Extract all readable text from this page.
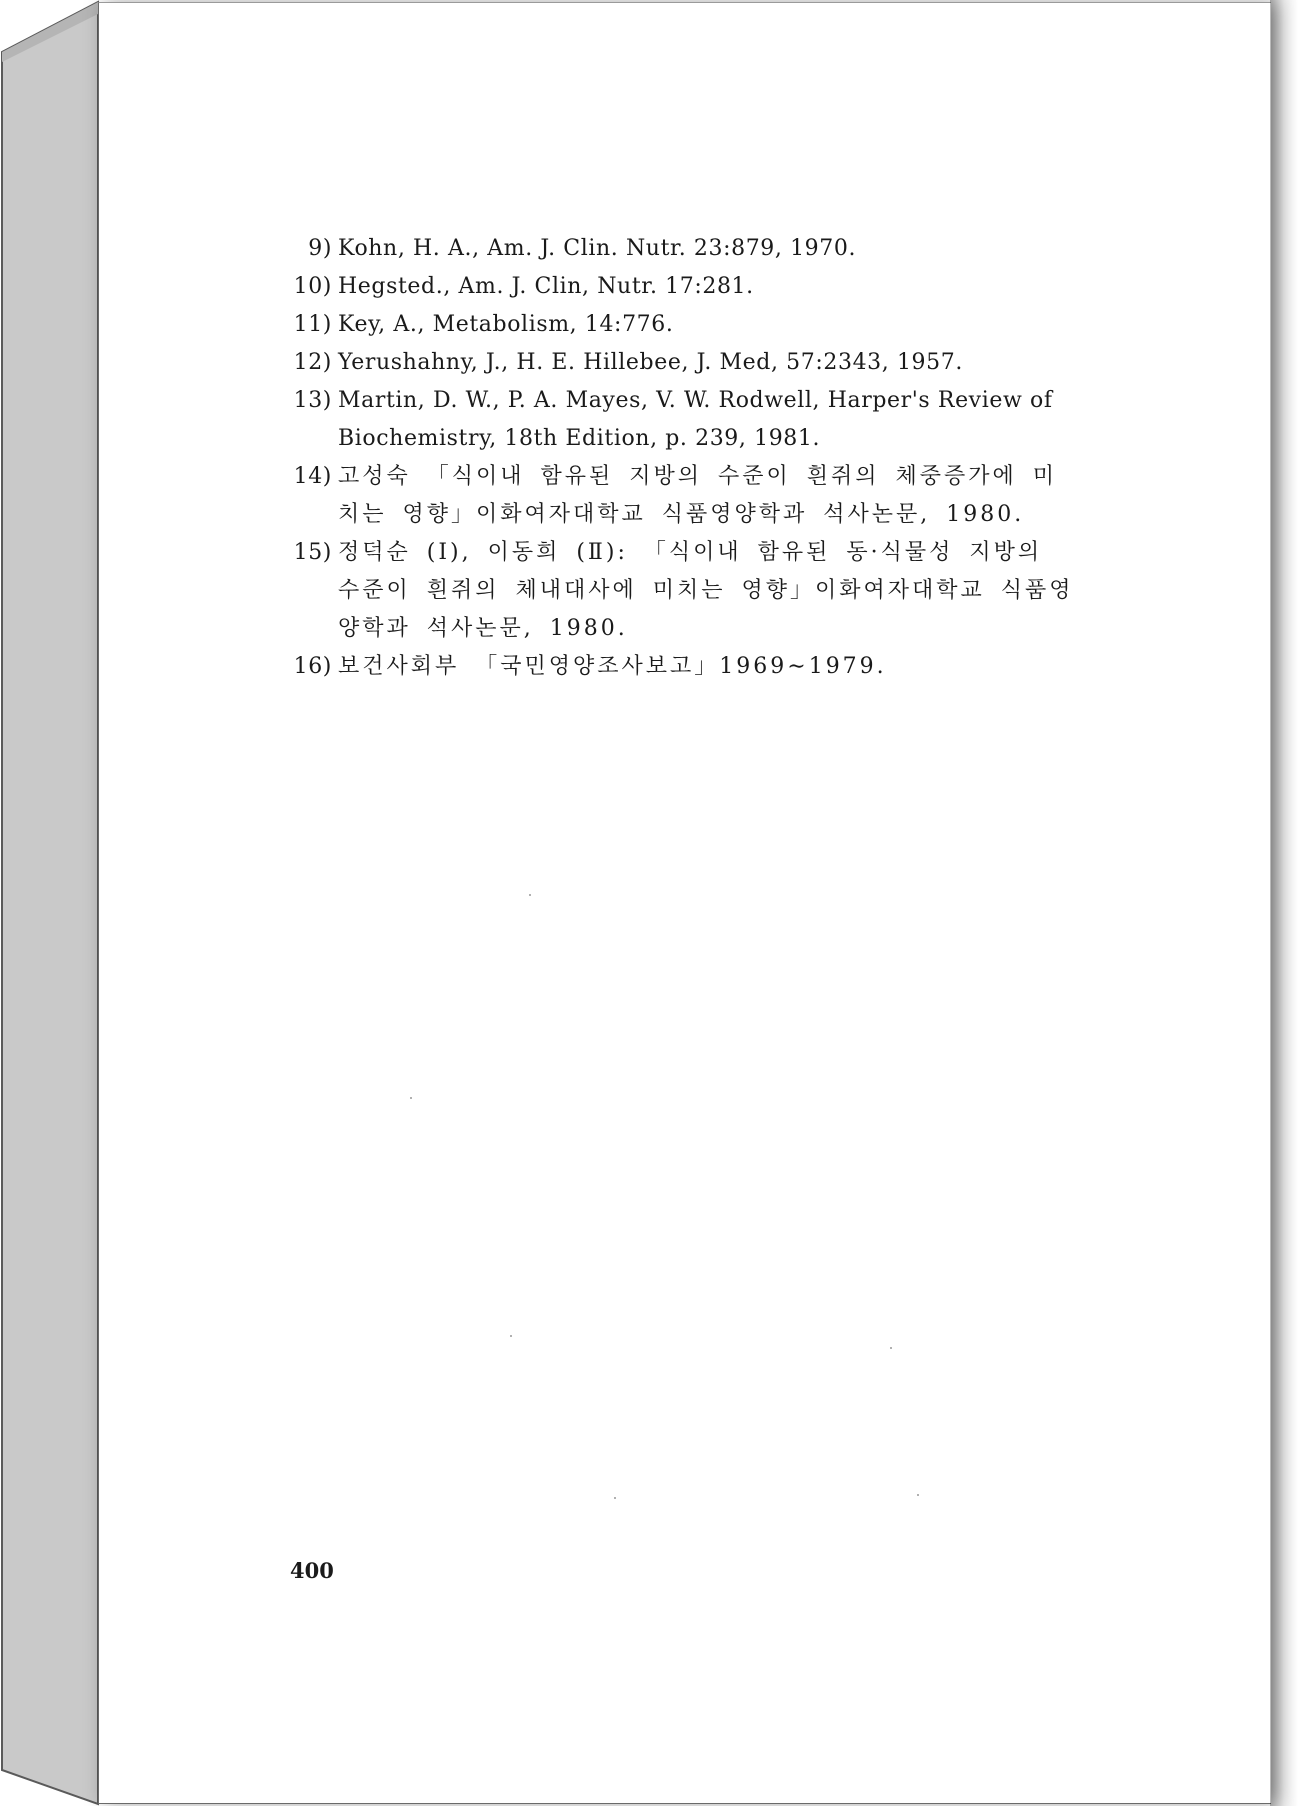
9) Kohn, H. A., Am. J. Clin. Nutr. 23:879, 1970.
10) Hegsted., Am. J. Clin, Nutr. 17:281.
11) Key, A., Metabolism, 14:776.
12) Yerushahny, J., H. E. Hillebee, J. Med, 57:2343, 1957.
13) Martin, D. W., P. A. Mayes, V. W. Rodwell, Harper's Review of Biochemistry, 18th Edition, p. 239, 1981.
14) 고성숙 「식이내 함유된 지방의 수준이 흰쥐의 체중증가에 미치는 영향」이화여자대학교 식품영양학과 석사논문, 1980.
15) 정덕순 (Ⅰ), 이동희 (Ⅱ): 「식이내 함유된 동·식물성 지방의 수준이 흰쥐의 체내대사에 미치는 영향」이화여자대학교 식품영양학과 석사논문, 1980.
16) 보건사회부 「국민영양조사보고」1969∼1979.
400
